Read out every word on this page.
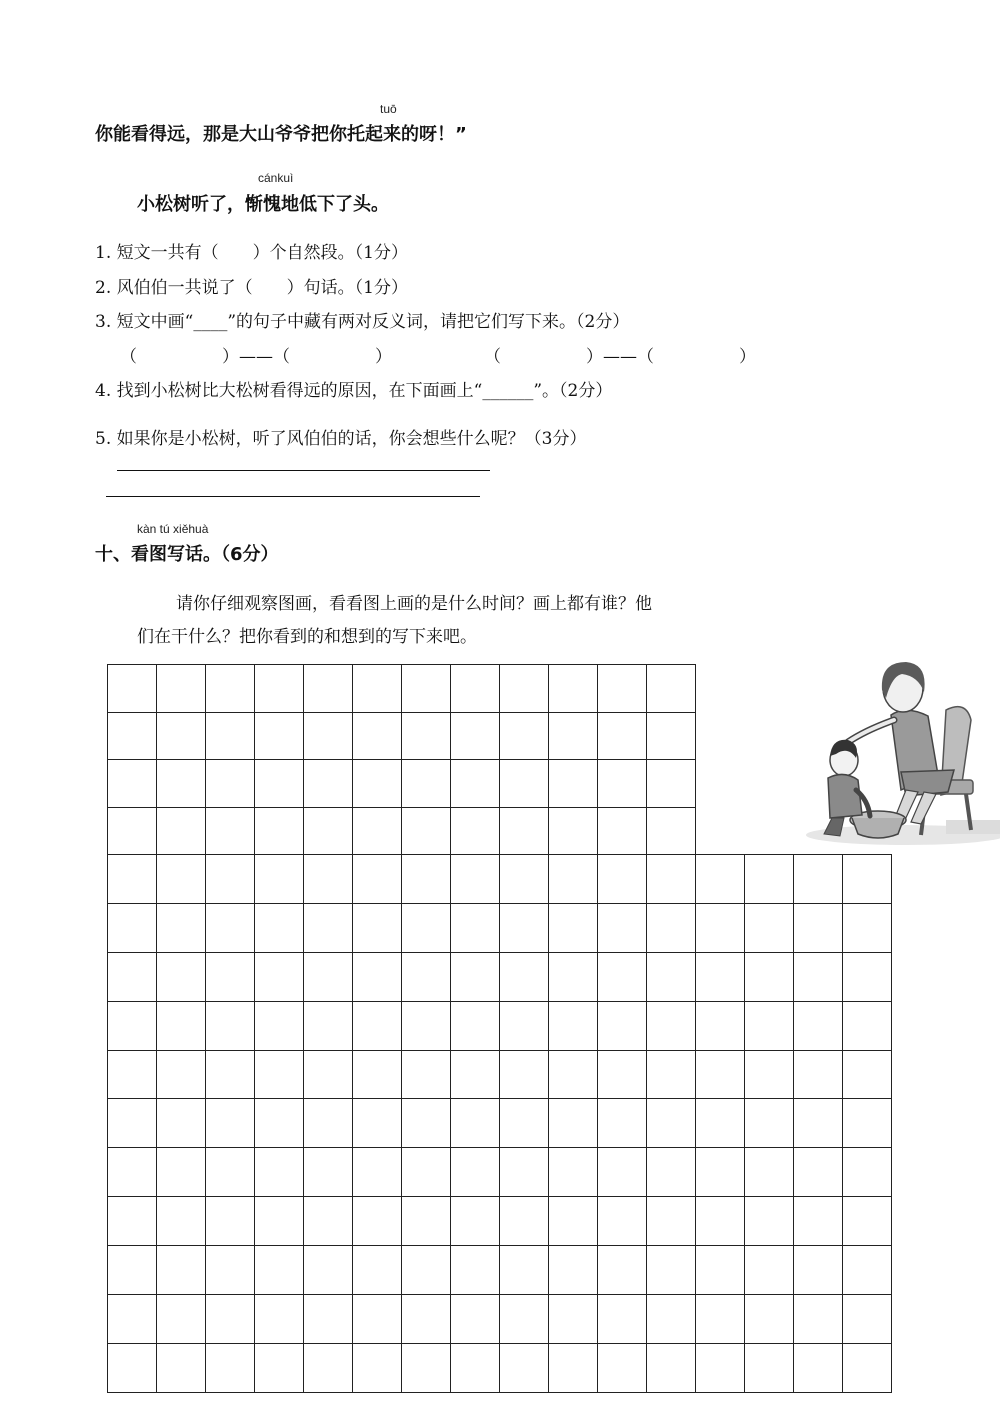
tuō
你能看得远，那是大山爷爷把你托起来的呀！”
cánkuì
小松树听了，惭愧地低下了头。
1. 短文一共有（　　）个自然段。（1分）
2. 风伯伯一共说了（　　）句话。（1分）
3. 短文中画“____”的句子中藏有两对反义词，请把它们写下来。（2分）
（　　　　　）——（　　　　　）	（　　　　　）——（　　　　　）
4. 找到小松树比大松树看得远的原因，在下面画上“______”。（2分）
5. 如果你是小松树，听了风伯伯的话，你会想些什么呢？（3分）
kàn tú xiěhuà
十、看图写话。（6分）
请你仔细观察图画，看看图上画的是什么时间？画上都有谁？他
们在干什么？把你看到的和想到的写下来吧。
